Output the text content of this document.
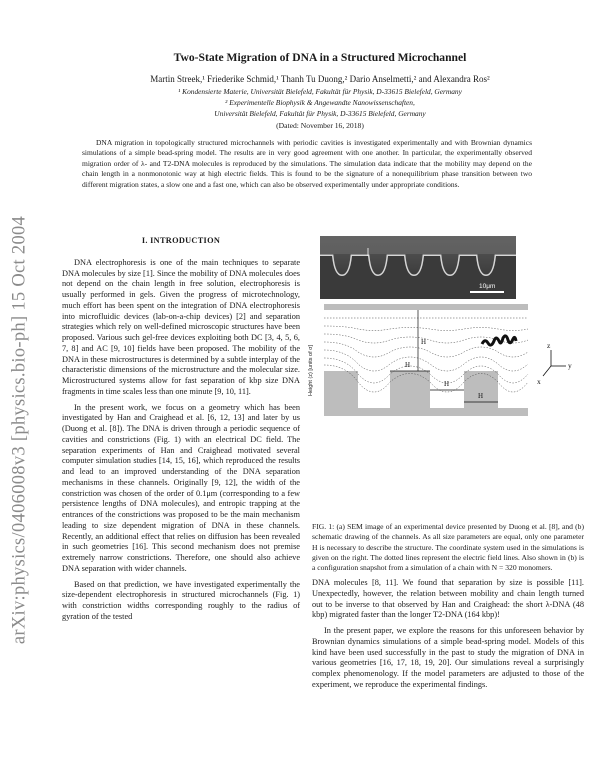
arXiv:physics/0406008v3 [physics.bio-ph] 15 Oct 2004
Two-State Migration of DNA in a Structured Microchannel
Martin Streek,¹ Friederike Schmid,¹ Thanh Tu Duong,² Dario Anselmetti,² and Alexandra Ros²
¹ Kondensierte Materie, Universität Bielefeld, Fakultät für Physik, D-33615 Bielefeld, Germany
² Experimentelle Biophysik & Angewandte Nanowissenschaften,
Universität Bielefeld, Fakultät für Physik, D-33615 Bielefeld, Germany
(Dated: November 16, 2018)

DNA migration in topologically structured microchannels with periodic cavities is investigated experimentally and with Brownian dynamics simulations of a simple bead-spring model. The results are in very good agreement with one another. In particular, the experimentally observed migration order of λ- and T2-DNA molecules is reproduced by the simulations. The simulation data indicate that the mobility may depend on the chain length in a nonmonotonic way at high electric fields. This is found to be the signature of a nonequilibrium phase transition between two different migration states, a slow one and a fast one, which can also be observed experimentally under appropriate conditions.

I. INTRODUCTION

DNA electrophoresis is one of the main techniques to separate DNA molecules by size [1]. Since the mobility of DNA molecules does not depend on the chain length in free solution, electrophoresis is usually performed in gels. Given the progress of microtechnology, much effort has been spent on the integration of DNA electrophoresis into microfluidic devices (lab-on-a-chip devices) [2] and separation strategies which rely on well-defined microscopic structures have been proposed. Various such gel-free devices exploiting both DC [3, 4, 5, 6, 7, 8] and AC [9, 10] fields have been proposed. The mobility of the DNA in these microstructures is determined by a subtle interplay of the characteristic dimensions of the microstructure and the molecular size. Microstructured systems allow for fast separation of kbp size DNA fragments in time scales less than one minute [9, 10, 11].

In the present work, we focus on a geometry which has been investigated by Han and Craighead et al. [6, 12, 13] and later by us (Duong et al. [8]). The DNA is driven through a periodic sequence of cavities and constrictions (Fig. 1) with an electrical DC field. The separation experiments of Han and Craighead motivated several computer simulation studies [14, 15, 16], which reproduced the results and lead to an improved understanding of the DNA separation mechanisms in these channels. Originally [9, 12], the width of the constriction was chosen of the order of 0.1μm (corresponding to a few persistence lengths of DNA molecules), and entropic trapping at the entrances of the constrictions was proposed to be the main mechanism leading to size dependent migration of DNA in these channels. Recently, an additional effect that relies on diffusion has been revealed in such geometries [16]. This second mechanism does not premise extremely narrow constrictions. Therefore, one should also achieve DNA separation with wider channels.

Based on that prediction, we have investigated experimentally the size-dependent electrophoresis in structured microchannels (Fig. 1) with constriction widths corresponding roughly to the radius of gyration of the tested

10μm
Height (z) [units of σ]
H
H
H
H
z
y
x

FIG. 1: (a) SEM image of an experimental device presented by Duong et al. [8], and (b) schematic drawing of the channels. As all size parameters are equal, only one parameter H is necessary to describe the structure. The coordinate system used in the simulations is given on the right. The dotted lines represent the electric field lines. Also shown in (b) is a configuration snapshot from a simulation of a chain with N = 320 monomers.

DNA molecules [8, 11]. We found that separation by size is possible [11]. Unexpectedly, however, the relation between mobility and chain length turned out to be inverse to that observed by Han and Craighead: the short λ-DNA (48 kbp) migrated faster than the longer T2-DNA (164 kbp)!

In the present paper, we explore the reasons for this unforeseen behavior by Brownian dynamics simulations of a simple bead-spring model. Models of this kind have been used successfully in the past to study the migration of DNA in various geometries [16, 17, 18, 19, 20]. Our simulations reveal a surprisingly complex phenomenology. If the model parameters are adjusted to those of the experiment, we reproduce the experimental findings.
